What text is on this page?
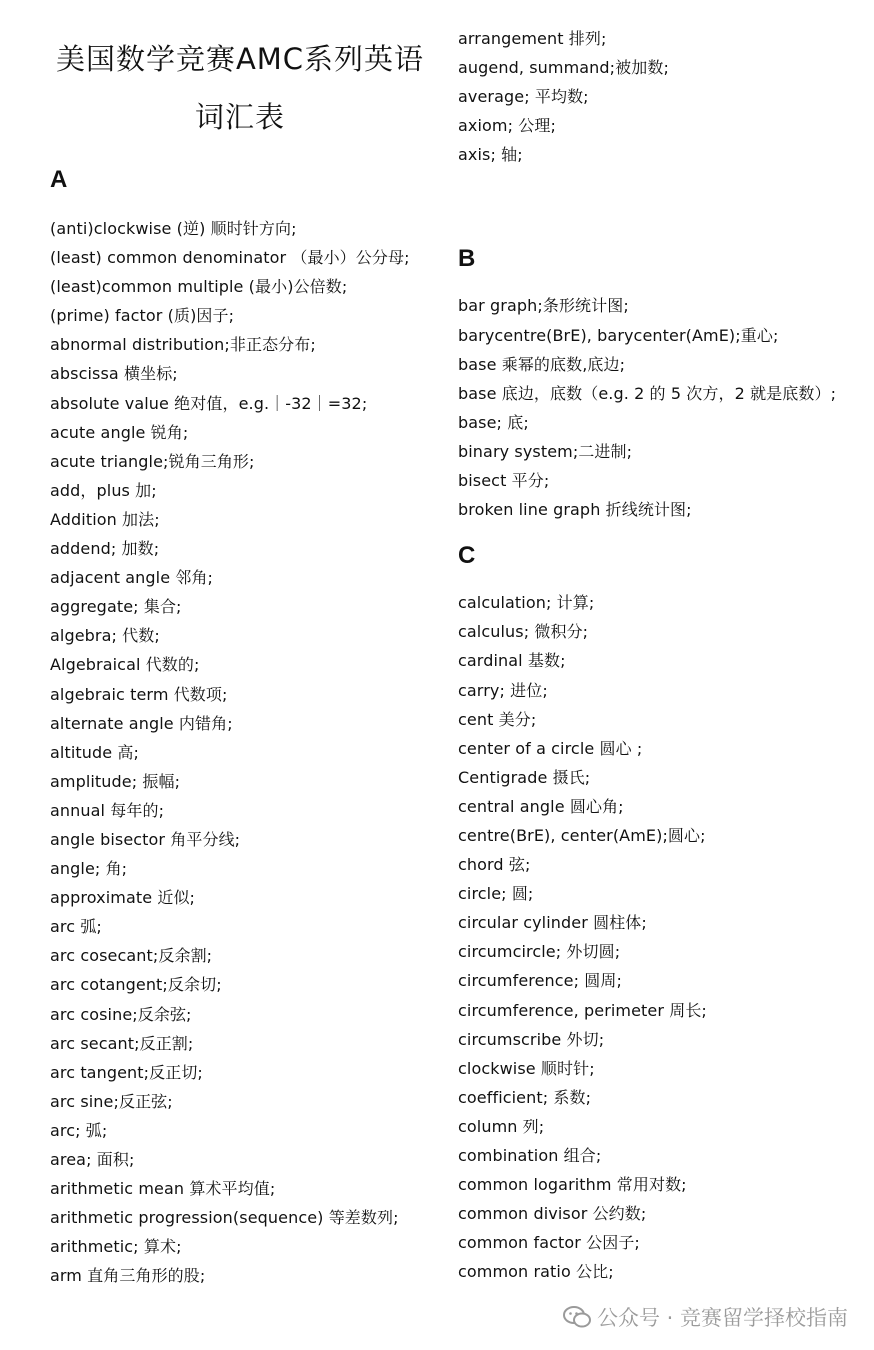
美国数学竞赛AMC系列英语
词汇表
A
(anti)clockwise (逆) 顺时针方向;
(least) common denominator （最小）公分母;
(least)common multiple (最小)公倍数;
(prime) factor (质)因子;
abnormal distribution;非正态分布;
abscissa 横坐标;
absolute value 绝对值，e.g.｜-32｜=32;
acute angle 锐角;
acute triangle;锐角三角形;
add，plus 加;
Addition 加法;
addend; 加数;
adjacent angle 邻角;
aggregate; 集合;
algebra; 代数;
Algebraical 代数的;
algebraic term 代数项;
alternate angle 内错角;
altitude 高;
amplitude; 振幅;
annual 每年的;
angle bisector 角平分线;
angle; 角;
approximate 近似;
arc 弧;
arc cosecant;反余割;
arc cotangent;反余切;
arc cosine;反余弦;
arc secant;反正割;
arc tangent;反正切;
arc sine;反正弦;
arc; 弧;
area; 面积;
arithmetic mean 算术平均值;
arithmetic progression(sequence) 等差数列;
arithmetic; 算术;
arm 直角三角形的股;
arrangement 排列;
augend, summand;被加数;
average; 平均数;
axiom; 公理;
axis; 轴;
B
bar graph;条形统计图;
barycentre(BrE), barycenter(AmE);重心;
base 乘幂的底数,底边;
base 底边，底数（e.g. 2 的 5 次方，2 就是底数）;
base; 底;
binary system;二进制;
bisect 平分;
broken line graph 折线统计图;
C
calculation; 计算;
calculus; 微积分;
cardinal 基数;
carry; 进位;
cent 美分;
center of a circle 圆心 ;
Centigrade 摄氏;
central angle 圆心角;
centre(BrE), center(AmE);圆心;
chord 弦;
circle; 圆;
circular cylinder 圆柱体;
circumcircle; 外切圆;
circumference; 圆周;
circumference, perimeter 周长;
circumscribe 外切;
clockwise 顺时针;
coefficient; 系数;
column 列;
combination 组合;
common logarithm 常用对数;
common divisor 公约数;
common factor 公因子;
common ratio 公比;
公众号 · 竞赛留学择校指南
